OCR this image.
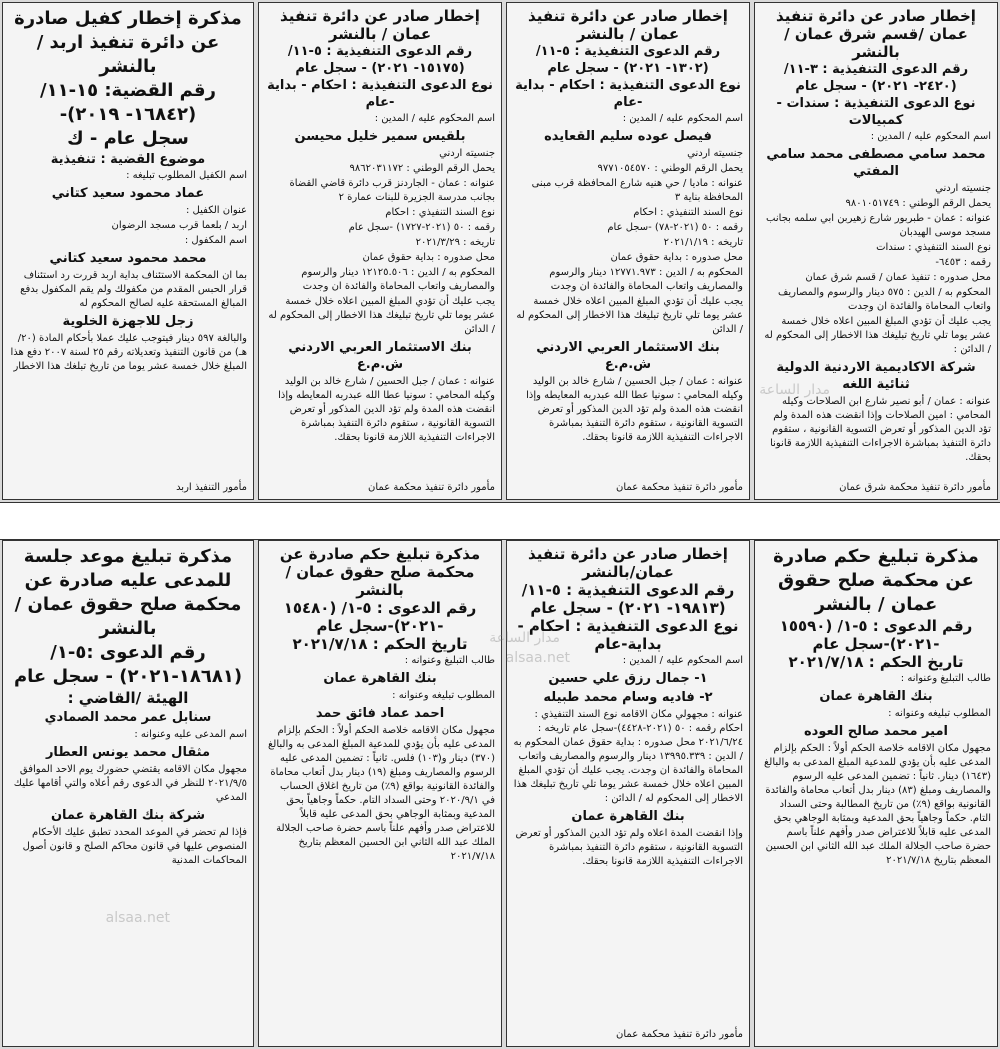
إخطار صادر عن دائرة تنفيذ عمان /قسم شرق عمان / بالنشر
رقم الدعوى التنفيذية : ٣-١١/ (٢٤٢٠- ٢٠٢١) - سجل عام
نوع الدعوى التنفيذية : سندات - كمبيالات
اسم المحكوم عليه / المدين :
محمد سامي مصطفى محمد سامي المفتي
جنسيته اردني
يحمل الرقم الوطني : ٩٨٠١٠٥١٧٤٩
عنوانه : عمان - طبربور شارع زهيربن ابي سلمه بجانب مسجد موسى الهيدبان
نوع السند التنفيذي : سندات
رقمه : ٦٤٥٣-
محل صدوره : تنفيذ عمان / قسم شرق عمان
المحكوم به / الدين : ٥٧٥ دينار والرسوم والمصاريف واتعاب المحاماة والفائدة ان وجدت
يجب عليك أن تؤدي المبلغ المبين اعلاه خلال خمسة عشر يوما تلي تاريخ تبليغك هذا الاخطار إلى المحكوم له / الدائن :
شركة الاكاديمية الاردنية الدولية ثنائية اللغه
عنوانه : عمان / أبو نصير شارع ابن الصلاحات وكيله المحامي : امين الصلاحات وإذا انقضت هذه المدة ولم تؤد الدين المذكور أو تعرض التسوية القانونية ، ستقوم دائرة التنفيذ بمباشرة الاجراءات التنفيذية اللازمة قانونا بحقك.
مأمور دائرة تنفيذ محكمة شرق عمان
إخطار صادر عن دائرة تنفيذ عمان / بالنشر
رقم الدعوى التنفيذية : ٥-١١/ (١٣٠٢- ٢٠٢١) - سجل عام
نوع الدعوى التنفيذية : احكام - بداية -عام
اسم المحكوم عليه / المدين :
فيصل عوده سليم القعايده
جنسيته اردني
يحمل الرقم الوطني : ٩٧٧١٠٥٤٥٧٠
عنوانه : ماديا / حي هنيه شارع المحافظة قرب مبنى المحافظة بناية ٣
نوع السند التنفيذي : احكام
رقمه : ٥٠ (٢٠٢١-٧٨) -سجل عام
تاريخه : ٢٠٢١/١/١٩
محل صدوره : بداية حقوق عمان
المحكوم به / الدين : ١٢٧٧١.٩٧٣ دينار والرسوم والمصاريف واتعاب المحاماة والفائدة ان وجدت
يجب عليك أن تؤدي المبلغ المبين اعلاه خلال خمسة عشر يوما تلي تاريخ تبليغك هذا الاخطار إلى المحكوم له / الدائن
بنك الاستثمار العربي الاردني ش.م.ع
عنوانه : عمان / جبل الحسين / شارع خالد بن الوليد وكيله المحامي : سونيا عطا الله عبدربه المعايطه وإذا انقضت هذه المدة ولم تؤد الدين المذكور أو تعرض التسوية القانونية ، ستقوم دائرة التنفيذ بمباشرة الاجراءات التنفيذية اللازمة قانونا بحقك.
مأمور دائرة تنفيذ محكمة عمان
إخطار صادر عن دائرة تنفيذ عمان / بالنشر
رقم الدعوى التنفيذية : ٥-١١/ (١٥١٧٥- ٢٠٢١) - سجل عام
نوع الدعوى التنفيذية : احكام - بداية -عام
اسم المحكوم عليه / المدين :
بلقيس سمير خليل محيسن
جنسيته اردني
يحمل الرقم الوطني : ٩٨٦٢٠٣١١٧٢
عنوانه : عمان - الجاردنز قرب دائرة قاضي القضاة بجانب مدرسة الجزيرة للبنات عمارة ٢
نوع السند التنفيذي : احكام
رقمه : ٥٠ (٢٠٢١-١٧٢٧) -سجل عام
تاريخه : ٢٠٢١/٣/٢٩
محل صدوره : بداية حقوق عمان
المحكوم به / الدين : ١٢١٢٥.٥٠٦ دينار والرسوم والمصاريف واتعاب المحاماة والفائدة ان وجدت
يجب عليك أن تؤدي المبلغ المبين اعلاه خلال خمسة عشر يوما تلي تاريخ تبليغك هذا الاخطار إلى المحكوم له / الدائن
بنك الاستثمار العربي الاردني ش.م.ع
عنوانه : عمان / جبل الحسين / شارع خالد بن الوليد وكيله المحامي : سونيا عطا الله عبدربه المعايطه وإذا انقضت هذه المدة ولم تؤد الدين المذكور أو تعرض التسوية القانونية ، ستقوم دائرة التنفيذ بمباشرة الاجراءات التنفيذية اللازمة قانونا بحقك.
مأمور دائرة تنفيذ محكمة عمان
مذكرة إخطار كفيل صادرة عن دائرة تنفيذ اربد /بالنشر
رقم القضية: ١٥-١١/ (١٦٨٤٢- ٢٠١٩)-
سجل عام - ك
موضوع القضية : تنفيذية
اسم الكفيل المطلوب تبليغه :
عماد محمود سعيد كتاني
عنوان الكفيل :
اربد / بلعما قرب مسجد الرضوان
اسم المكفول :
محمد محمود سعيد كتاني
بما ان المحكمة الاستئناف بداية اربد قررت رد استئناف قرار الحبس المقدم من مكفولك ولم يقم المكفول بدفع المبالغ المستحقة عليه لصالح المحكوم له
زجل للاجهزة الخلوية
والبالغة ٥٩٧ دينار فيتوجب عليك عملا بأحكام المادة (٢٠/هـ) من قانون التنفيذ وتعديلاته رقم ٢٥ لسنة ٢٠٠٧ دفع هذا المبلغ خلال خمسة عشر يوما من تاريخ تبلغك هذا الاخطار
مأمور التنفيذ اربد
مذكرة تبليغ حكم صادرة عن محكمة صلح حقوق عمان / بالنشر
رقم الدعوى : ٥-١/ (١٥٥٩٠ -٢٠٢١)-سجل عام
تاريخ الحكم : ٢٠٢١/٧/١٨
طالب التبليغ وعنوانه :
بنك القاهرة عمان
المطلوب تبليغه وعنوانه :
امير محمد صالح العوده
مجهول مكان الاقامه خلاصة الحكم أولاً : الحكم بإلزام المدعى عليه بأن يؤدي للمدعية المبلغ المدعى به والبالغ (١٦٤٣) دينار. ثانياً : تضمين المدعى عليه الرسوم والمصاريف ومبلغ (٨٣) دينار بدل أتعاب محاماة والفائدة القانونية بواقع (٩٪) من تاريخ المطالبة وحتى السداد التام. حكماً وجاهياً بحق المدعية وبمثابة الوجاهي بحق المدعى عليه قابلاً للاعتراض صدر وأفهم علناً باسم حضرة صاحب الجلالة الملك عبد الله الثاني ابن الحسين المعظم بتاريخ ٢٠٢١/٧/١٨
إخطار صادر عن دائرة تنفيذ عمان/بالنشر
رقم الدعوى التنفيذية : ٥-١١/ (١٩٨١٣- ٢٠٢١) - سجل عام
نوع الدعوى التنفيذية : احكام - بداية-عام
اسم المحكوم عليه / المدين :
١- جمال رزق علي حسين
٢- فاديه وسام محمد طبيله
عنوانه : مجهولي مكان الاقامه نوع السند التنفيذي : احكام رقمه : ٥٠ (٢٠٢١-٤٤٢٨)-سجل عام تاريخه : ٢٠٢١/٦/٢٤ محل صدوره : بداية حقوق عمان المحكوم به / الدين : ١٣٩٩٥.٣٣٩ دينار والرسوم والمصاريف واتعاب المحاماة والفائدة ان وجدت. يجب عليك أن تؤدي المبلغ المبين اعلاه خلال خمسة عشر يوما تلي تاريخ تبليغك هذا الاخطار إلى المحكوم له / الدائن :
بنك القاهرة عمان
وإذا انقضت المدة اعلاه ولم تؤد الدين المذكور أو تعرض التسوية القانونية ، ستقوم دائرة التنفيذ بمباشرة الاجراءات التنفيذية اللازمة قانونا بحقك.
مأمور دائرة تنفيذ محكمة عمان
مذكرة تبليغ حكم صادرة عن محكمة صلح حقوق عمان / بالنشر
رقم الدعوى : ٥-١/ (١٥٤٨٠ -٢٠٢١)-سجل عام
تاريخ الحكم : ٢٠٢١/٧/١٨
طالب التبليغ وعنوانه :
بنك القاهرة عمان
المطلوب تبليغه وعنوانه :
احمد عماد فائق حمد
مجهول مكان الاقامه خلاصة الحكم أولاً : الحكم بإلزام المدعى عليه بأن يؤدي للمدعية المبلغ المدعى به والبالغ (٣٧٠) دينار و(١٠٣) فلس. ثانياً : تضمين المدعى عليه الرسوم والمصاريف ومبلغ (١٩) دينار بدل أتعاب محاماة والفائدة القانونية بواقع (٩٪) من تاريخ اغلاق الحساب في ٢٠٢٠/٩/١ وحتى السداد التام. حكماً وجاهياً بحق المدعية وبمثابة الوجاهي بحق المدعى عليه قابلاً للاعتراض صدر وأفهم علناً باسم حضرة صاحب الجلالة الملك عبد الله الثاني ابن الحسين المعظم بتاريخ ٢٠٢١/٧/١٨
مذكرة تبليغ موعد جلسة للمدعى عليه صادرة عن محكمة صلح حقوق عمان /بالنشر
رقم الدعوى :٥-١/ (١٨٦٨١-٢٠٢١) - سجل عام
الهيئة /القاضي :
سنابل عمر محمد الصمادي
اسم المدعى عليه وعنوانه :
مثقال محمد يونس العطار
مجهول مكان الاقامه يقتضي حضورك يوم الاحد الموافق ٢٠٢١/٩/٥ للنظر في الدعوى رقم أعلاه والتي أقامها عليك المدعي
شركة بنك القاهرة عمان
فإذا لم تحضر في الموعد المحدد تطبق عليك الأحكام المنصوص عليها في قانون محاكم الصلح و قانون أصول المحاكمات المدنية
مدار الساعة
alsaa.net
مدار الساعة
alsaa.net
